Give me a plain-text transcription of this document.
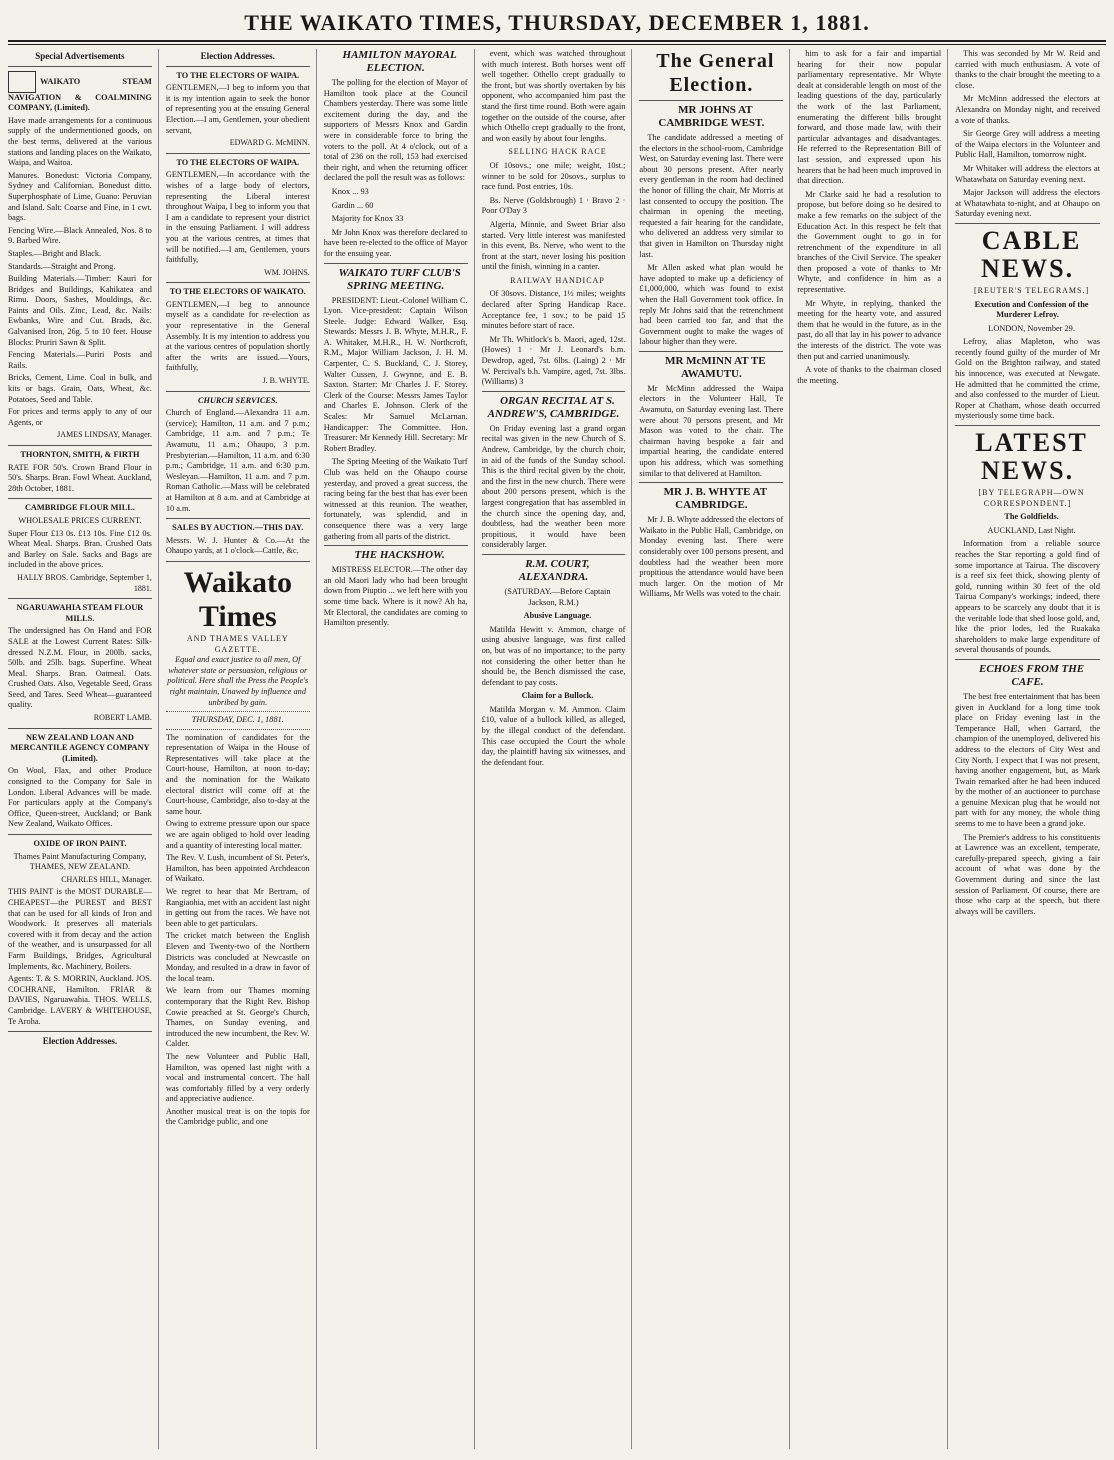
THE WAIKATO TIMES, THURSDAY, DECEMBER 1, 1881.
Special Advertisements

WAIKATO STEAM NAVIGATION & COALMINING COMPANY, (Limited).

Have made arrangements for a continuous supply of the undermentioned goods, on the best terms, delivered at the various stations and landing places on the Waikato, Waipa, and Waitoa.

Manures. Bonedust: Victoria Company, Sydney and Californian. Bonedust ditto. Superphosphate of Lime, Guano: Peruvian and Island. Salt: Coarse and Fine, in 1 cwt. bags.

Fencing Wire.—Black Annealed, Nos. 8 to 9. Barbed Wire.

Staples.—Bright and Black.

Standards.—Straight and Prong.

Building Materials.—Timber: Kauri for Bridges and Buildings, Kahikatea and Rimu. Doors, Sashes, Mouldings, &c. Paints and Oils. Zinc, Lead, &c. Nails: Ewbanks, Wire and Cut. Brads, &c. Galvanised Iron, 26g. 5 to 10 feet. House Blocks: Pruriri Sawn & Split.

Fencing Materials.—Puriri Posts and Rails.

Bricks, Cement, Lime. Coal in bulk, and kits or bags. Grain, Oats, Wheat, &c. Potatoes, Seed and Table.

For prices and terms apply to any of our Agents, or

JAMES LINDSAY, Manager.

THORNTON, SMITH, & FIRTH

RATE FOR 50's. Crown Brand Flour in 50's. Sharps. Bran. Fowl Wheat. Auckland, 28th October, 1881.

CAMBRIDGE FLOUR MILL.

WHOLESALE PRICES CURRENT.

Super Flour £13 0s. £13 10s. Fine £12 0s. Wheat Meal. Sharps. Bran. Crushed Oats and Barley on Sale. Sacks and Bags are included in the above prices.

HALLY BROS. Cambridge, September 1, 1881.

NGARUAWAHIA STEAM FLOUR MILLS.

The undersigned has On Hand and FOR SALE at the Lowest Current Rates: Silk-dressed N.Z.M. Flour, in 200lb. sacks, 50lb. and 25lb. bags. Superfine. Wheat Meal. Sharps. Bran. Oatmeal. Oats. Crushed Oats. Also, Vegetable Seed, Grass Seed, and Tares. Seed Wheat—guaranteed quality.

ROBERT LAMB.

NEW ZEALAND LOAN AND MERCANTILE AGENCY COMPANY (Limited).

On Wool, Flax, and other Produce consigned to the Company for Sale in London. Liberal Advances will be made. For particulars apply at the Company's Office, Queen-street, Auckland; or Bank New Zealand, Waikato Offices.

OXIDE OF IRON PAINT.

Thames Paint Manufacturing Company, THAMES, NEW ZEALAND.

CHARLES HILL, Manager.

THIS PAINT is the MOST DURABLE—CHEAPEST—the PUREST and BEST that can be used for all kinds of Iron and Woodwork. It preserves all materials covered with it from decay and the action of the weather, and is unsurpassed for all Farm Buildings, Bridges, Agricultural Implements, &c. Machinery, Boilers.

Agents: T. & S. MORRIN, Auckland. JOS. COCHRANE, Hamilton. FRIAR & DAVIES, Ngaruawahia. THOS. WELLS, Cambridge. LAVERY & WHITEHOUSE, Te Aroha.

Election Addresses.
Election Addresses.

TO THE ELECTORS OF WAIPA.

GENTLEMEN,—I beg to inform you that it is my intention again to seek the honor of representing you at the ensuing General Election.—I am, Gentlemen, your obedient servant,

EDWARD G. McMINN.

TO THE ELECTORS OF WAIPA.

GENTLEMEN,—In accordance with the wishes of a large body of electors, representing the Liberal interest throughout Waipa, I beg to inform you that I am a candidate to represent your district in the ensuing Parliament. I will address you at the various centres, at times that will be notified.—I am, Gentlemen, yours faithfully,

WM. JOHNS.

TO THE ELECTORS OF WAIKATO.

GENTLEMEN,—I beg to announce myself as a candidate for re-election as your representative in the General Assembly. It is my intention to address you at the various centres of population shortly after the writs are issued.—Yours, faithfully,

J. B. WHYTE.

CHURCH SERVICES.

Church of England.—Alexandra 11 a.m. (service); Hamilton, 11 a.m. and 7 p.m.; Cambridge, 11 a.m. and 7 p.m.; Te Awamutu, 11 a.m.; Ohaupo, 3 p.m. Presbyterian.—Hamilton, 11 a.m. and 6:30 p.m.; Cambridge, 11 a.m. and 6:30 p.m. Wesleyan.—Hamilton, 11 a.m. and 7 p.m. Roman Catholic.—Mass will be celebrated at Hamilton at 8 a.m. and at Cambridge at 10 a.m.

SALES BY AUCTION.—THIS DAY.

Messrs. W. J. Hunter & Co.—At the Ohaupo yards, at 1 o'clock—Cattle, &c.

Waikato Times
AND THAMES VALLEY GAZETTE.

Equal and exact justice to all men, Of whatever state or persuasion, religious or political. Here shall the Press the People's right maintain, Unawed by influence and unbribed by gain.

THURSDAY, DEC. 1, 1881.

The nomination of candidates for the representation of Waipa in the House of Representatives will take place at the Court-house, Hamilton, at noon to-day; and the nomination for the Waikato electoral district will come off at the Court-house, Cambridge, also to-day at the same hour.

Owing to extreme pressure upon our space we are again obliged to hold over leading and a quantity of interesting local matter.

The Rev. V. Lush, incumbent of St. Peter's, Hamilton, has been appointed Archdeacon of Waikato.

We regret to hear that Mr Bertram, of Rangiaohia, met with an accident last night in getting out from the races. We have not been able to get particulars.

The cricket match between the English Eleven and Twenty-two of the Northern Districts was concluded at Newcastle on Monday, and resulted in a draw in favor of the local team.

We learn from our Thames morning contemporary that the Right Rev. Bishop Cowie preached at St. George's Church, Thames, on Sunday evening, and introduced the new incumbent, the Rev. W. Calder.

The new Volunteer and Public Hall, Hamilton, was opened last night with a vocal and instrumental concert. The hall was comfortably filled by a very orderly and appreciative audience.

Another musical treat is on the topis for the Cambridge public, and one

HAMILTON MAYORAL ELECTION.

The polling for the election of Mayor of Hamilton took place at the Council Chambers yesterday. There was some little excitement during the day, and the supporters of Messrs Knox and Gardin were in considerable force to bring the voters to the poll. At 4 o'clock, out of a total of 236 on the roll, 153 had exercised their right, and when the returning officer declared the poll the result was as follows:

Knox ... 93
Gardin ... 60
Majority for Knox 33

Mr John Knox was therefore declared to have been re-elected to the office of Mayor for the ensuing year.

WAIKATO TURF CLUB'S SPRING MEETING.

PRESIDENT: Lieut.-Colonel William C. Lyon. Vice-president: Captain Wilson Steele. Judge: Edward Walker, Esq. Stewards: Messrs J. B. Whyte, M.H.R., F. A. Whitaker, M.H.R., H. W. Northcroft, R.M., Major William Jackson, J. H. M. Carpenter, C. S. Buckland, C. J. Storey, Walter Cussen, J. Gwynne, and E. B. Saxton. Starter: Mr Charles J. F. Storey. Clerk of the Course: Messrs James Taylor and Charles E. Johnson. Clerk of the Scales: Mr Samuel McLarnan. Handicapper: The Committee. Hon. Treasurer: Mr Kennedy Hill. Secretary: Mr Robert Bradley.

The Spring Meeting of the Waikato Turf Club was held on the Ohaupo course yesterday, and proved a great success, the racing being far the best that has ever been witnessed at this reunion. The weather, fortunately, was splendid, and in consequence there was a very large gathering from all parts of the district.

THE HACKSHOW.

MISTRESS ELECTOR.—The other day an old Maori lady who had been brought down from Piuptio ... we left here with you some time back. Where is it now? Ah ha, Mr Electoral, the candidates are coming to Hamilton presently.

event, which was watched throughout with much interest. Both horses went off well together. Othello crept gradually to the front, but was shortly overtaken by his opponent, who accompanied him past the stand the first time round. Both were again together on the outside of the course, after which Othello crept gradually to the front, and won easily by about four lengths.

SELLING HACK RACE

Of 10sovs.; one mile; weight, 10st.; winner to be sold for 20sovs., surplus to race fund. Post entries, 10s.

Bs. Nerve (Goldsbrough) 1 · Bravo 2 · Poor O'Day 3

Algeria, Minnie, and Sweet Briar also started. Very little interest was manifested in this event, Bs. Nerve, who went to the front at the start, never losing his position until the finish, winning in a canter.

RAILWAY HANDICAP

Of 30sovs. Distance, 1½ miles; weights declared after Spring Handicap Race. Acceptance fee, 1 sov.; to be paid 15 minutes before start of race.

Mr Th. Whitlock's b. Maori, aged, 12st. (Howes) 1 · Mr J. Leonard's b.m. Dewdrop, aged, 7st. 6lbs. (Laing) 2 · Mr W. Percival's b.h. Vampire, aged, 7st. 3lbs. (Williams) 3

ORGAN RECITAL AT S. ANDREW'S, CAMBRIDGE.

On Friday evening last a grand organ recital was given in the new Church of S. Andrew, Cambridge, by the church choir, in aid of the funds of the Sunday school. This is the third recital given by the choir, and the first in the new church. There were about 200 persons present, which is the largest congregation that has assembled in the church since the opening day, and, doubtless, had the weather been more propitious, it would have been considerably larger.

R.M. COURT, ALEXANDRA.
(SATURDAY.—Before Captain Jackson, R.M.)
Abusive Language.

Matilda Hewitt v. Ammon, charge of using abusive language, was first called on, but was of no importance; to the party not considering the other better than he should be, the Bench dismissed the case, defendant to pay costs.

Claim for a Bullock.

Matilda Morgan v. M. Ammon. Claim £10, value of a bullock killed, as alleged, by the illegal conduct of the defendant. This case occupied the Court the whole day, the plaintiff having six witnesses, and the defendant four.

The General Election.
MR JOHNS AT CAMBRIDGE WEST.

The candidate addressed a meeting of the electors in the school-room, Cambridge West, on Saturday evening last. There were about 30 persons present. After nearly every gentleman in the room had declined the honor of filling the chair, Mr Morris at last consented to occupy the position. The chairman in opening the meeting, requested a fair hearing for the candidate, who delivered an address very similar to that given in Hamilton on Thursday night last.

Mr Allen asked what plan would he have adopted to make up a deficiency of £1,000,000, which was found to exist when the Hall Government took office. In reply Mr Johns said that the retrenchment had been carried too far, and that the Government ought to make the wages of labour higher than they were.

MR McMINN AT TE AWAMUTU.

Mr McMinn addressed the Waipa electors in the Volunteer Hall, Te Awamutu, on Saturday evening last. There were about 70 persons present, and Mr Mason was voted to the chair. The chairman having bespoke a fair and impartial hearing, the candidate entered upon his address, which was something similar to that delivered at Hamilton.

MR J. B. WHYTE AT CAMBRIDGE.

Mr J. B. Whyte addressed the electors of Waikato in the Public Hall, Cambridge, on Monday evening last. There were considerably over 100 persons present, and doubtless had the weather been more propitious the attendance would have been much larger. On the motion of Mr Williams, Mr Wells was voted to the chair.

him to ask for a fair and impartial hearing for their now popular parliamentary representative. Mr Whyte dealt at considerable length on most of the leading questions of the day, particularly the work of the last Parliament, enumerating the different bills brought forward, and those made law, with their particular advantages and disadvantages. He referred to the Representation Bill of last session, and expressed upon his hearers that he had been much improved in that direction.

Mr Clarke said he had a resolution to propose, but before doing so he desired to make a few remarks on the subject of the Education Act. In this respect he felt that the Government ought to go in for retrenchment of the expenditure in all branches of the Civil Service. The speaker then proposed a vote of thanks to Mr Whyte, and confidence in him as a representative.

Mr Whyte, in replying, thanked the meeting for the hearty vote, and assured them that he would in the future, as in the past, do all that lay in his power to advance the interests of the district. The vote was then put and carried unanimously.

A vote of thanks to the chairman closed the meeting.

This was seconded by Mr W. Reid and carried with much enthusiasm. A vote of thanks to the chair brought the meeting to a close.

Mr McMinn addressed the electors at Alexandra on Monday night, and received a vote of thanks.

Sir George Grey will address a meeting of the Waipa electors in the Volunteer and Public Hall, Hamilton, tomorrow night.

Mr Whitaker will address the electors at Whatawhata on Saturday evening next.

Major Jackson will address the electors at Whatawhata to-night, and at Ohaupo on Saturday evening next.

CABLE NEWS.
[REUTER'S TELEGRAMS.]
Execution and Confession of the Murderer Lefroy.
LONDON, November 29.

Lefroy, alias Mapleton, who was recently found guilty of the murder of Mr Gold on the Brighton railway, and stated his innocence, was executed at Newgate. He admitted that he committed the crime, and also confessed to the murder of Lieut. Roper at Chatham, whose death occurred mysteriously some time back.

LATEST NEWS.
[BY TELEGRAPH—OWN CORRESPONDENT.]
The Goldfields.
AUCKLAND, Last Night.

Information from a reliable source reaches the Star reporting a gold find of some importance at Tairua. The discovery is a reef six feet thick, showing plenty of gold, running within 30 feet of the old Tairua Company's workings; indeed, there appears to be scarcely any doubt that it is the veritable lode that shed loose gold, and, like the prior lodes, led the Ruakaka shareholders to make large expenditure of several thousands of pounds.

ECHOES FROM THE CAFE.

The best free entertainment that has been given in Auckland for a long time took place on Friday evening last in the Temperance Hall, when Garrard, the champion of the unemployed, delivered his address to the electors of City West and City North. I expect that I was not present, having another engagement, but, as Mark Twain remarked after he had been induced by the mother of an auctioneer to purchase a genuine Mexican plug that he would not part with for any money, the whole thing seems to me to have been a grand joke.

The Premier's address to his constituents at Lawrence was an excellent, temperate, carefully-prepared speech, giving a fair account of what was done by the Government during and since the last session of Parliament. Of course, there are those who carp at the speech, but there always will be cavillers.
